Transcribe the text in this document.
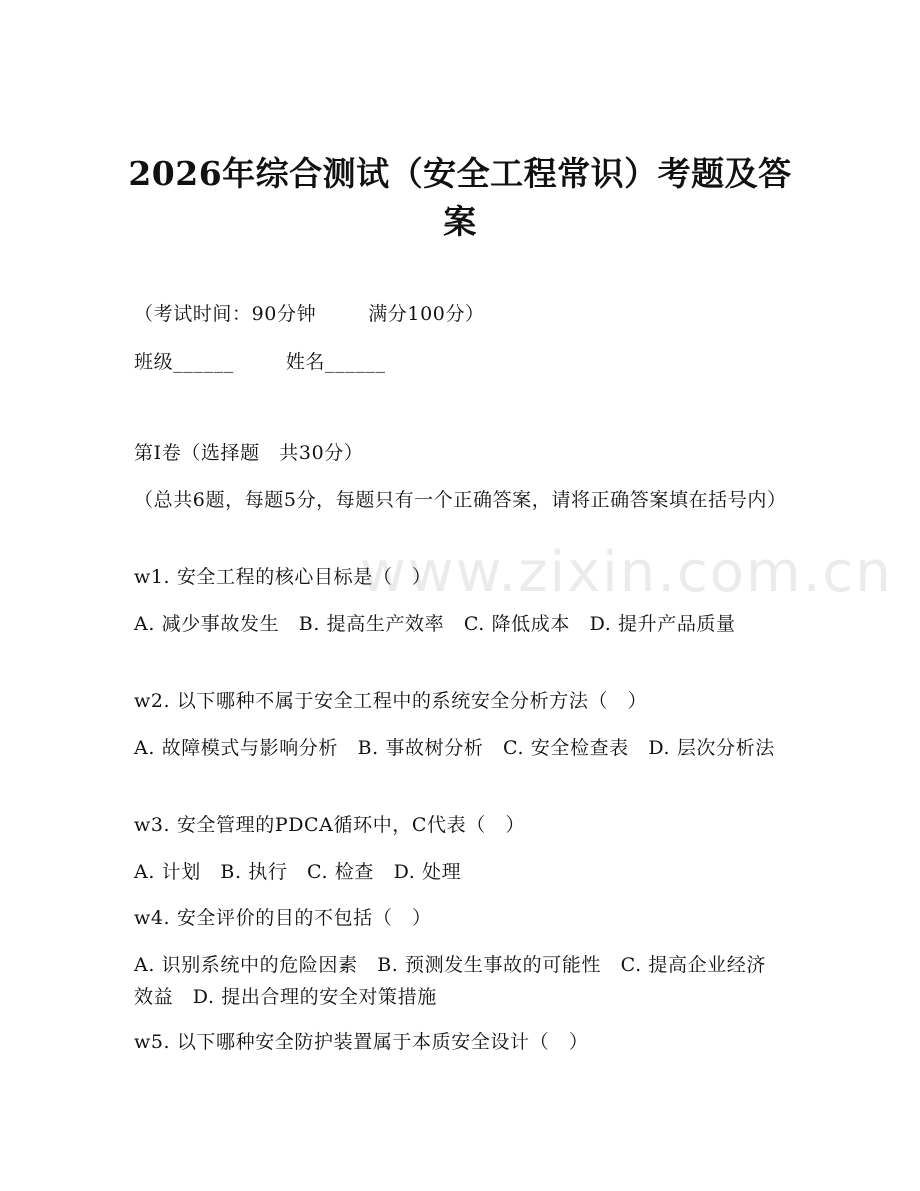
2026年综合测试（安全工程常识）考题及答案
（考试时间：90分钟	满分100分）
班级______	姓名______
第I卷（选择题　共30分）
（总共6题，每题5分，每题只有一个正确答案，请将正确答案填在括号内）
w1. 安全工程的核心目标是（　）
A. 减少事故发生　B. 提高生产效率　C. 降低成本　D. 提升产品质量
w2. 以下哪种不属于安全工程中的系统安全分析方法（　）
A. 故障模式与影响分析　B. 事故树分析　C. 安全检查表　D. 层次分析法
w3. 安全管理的PDCA循环中，C代表（　）
A. 计划　B. 执行　C. 检查　D. 处理
w4. 安全评价的目的不包括（　）
A. 识别系统中的危险因素　B. 预测发生事故的可能性　C. 提高企业经济效益　D. 提出合理的安全对策措施
w5. 以下哪种安全防护装置属于本质安全设计（　）
www.zixin.com.cn
